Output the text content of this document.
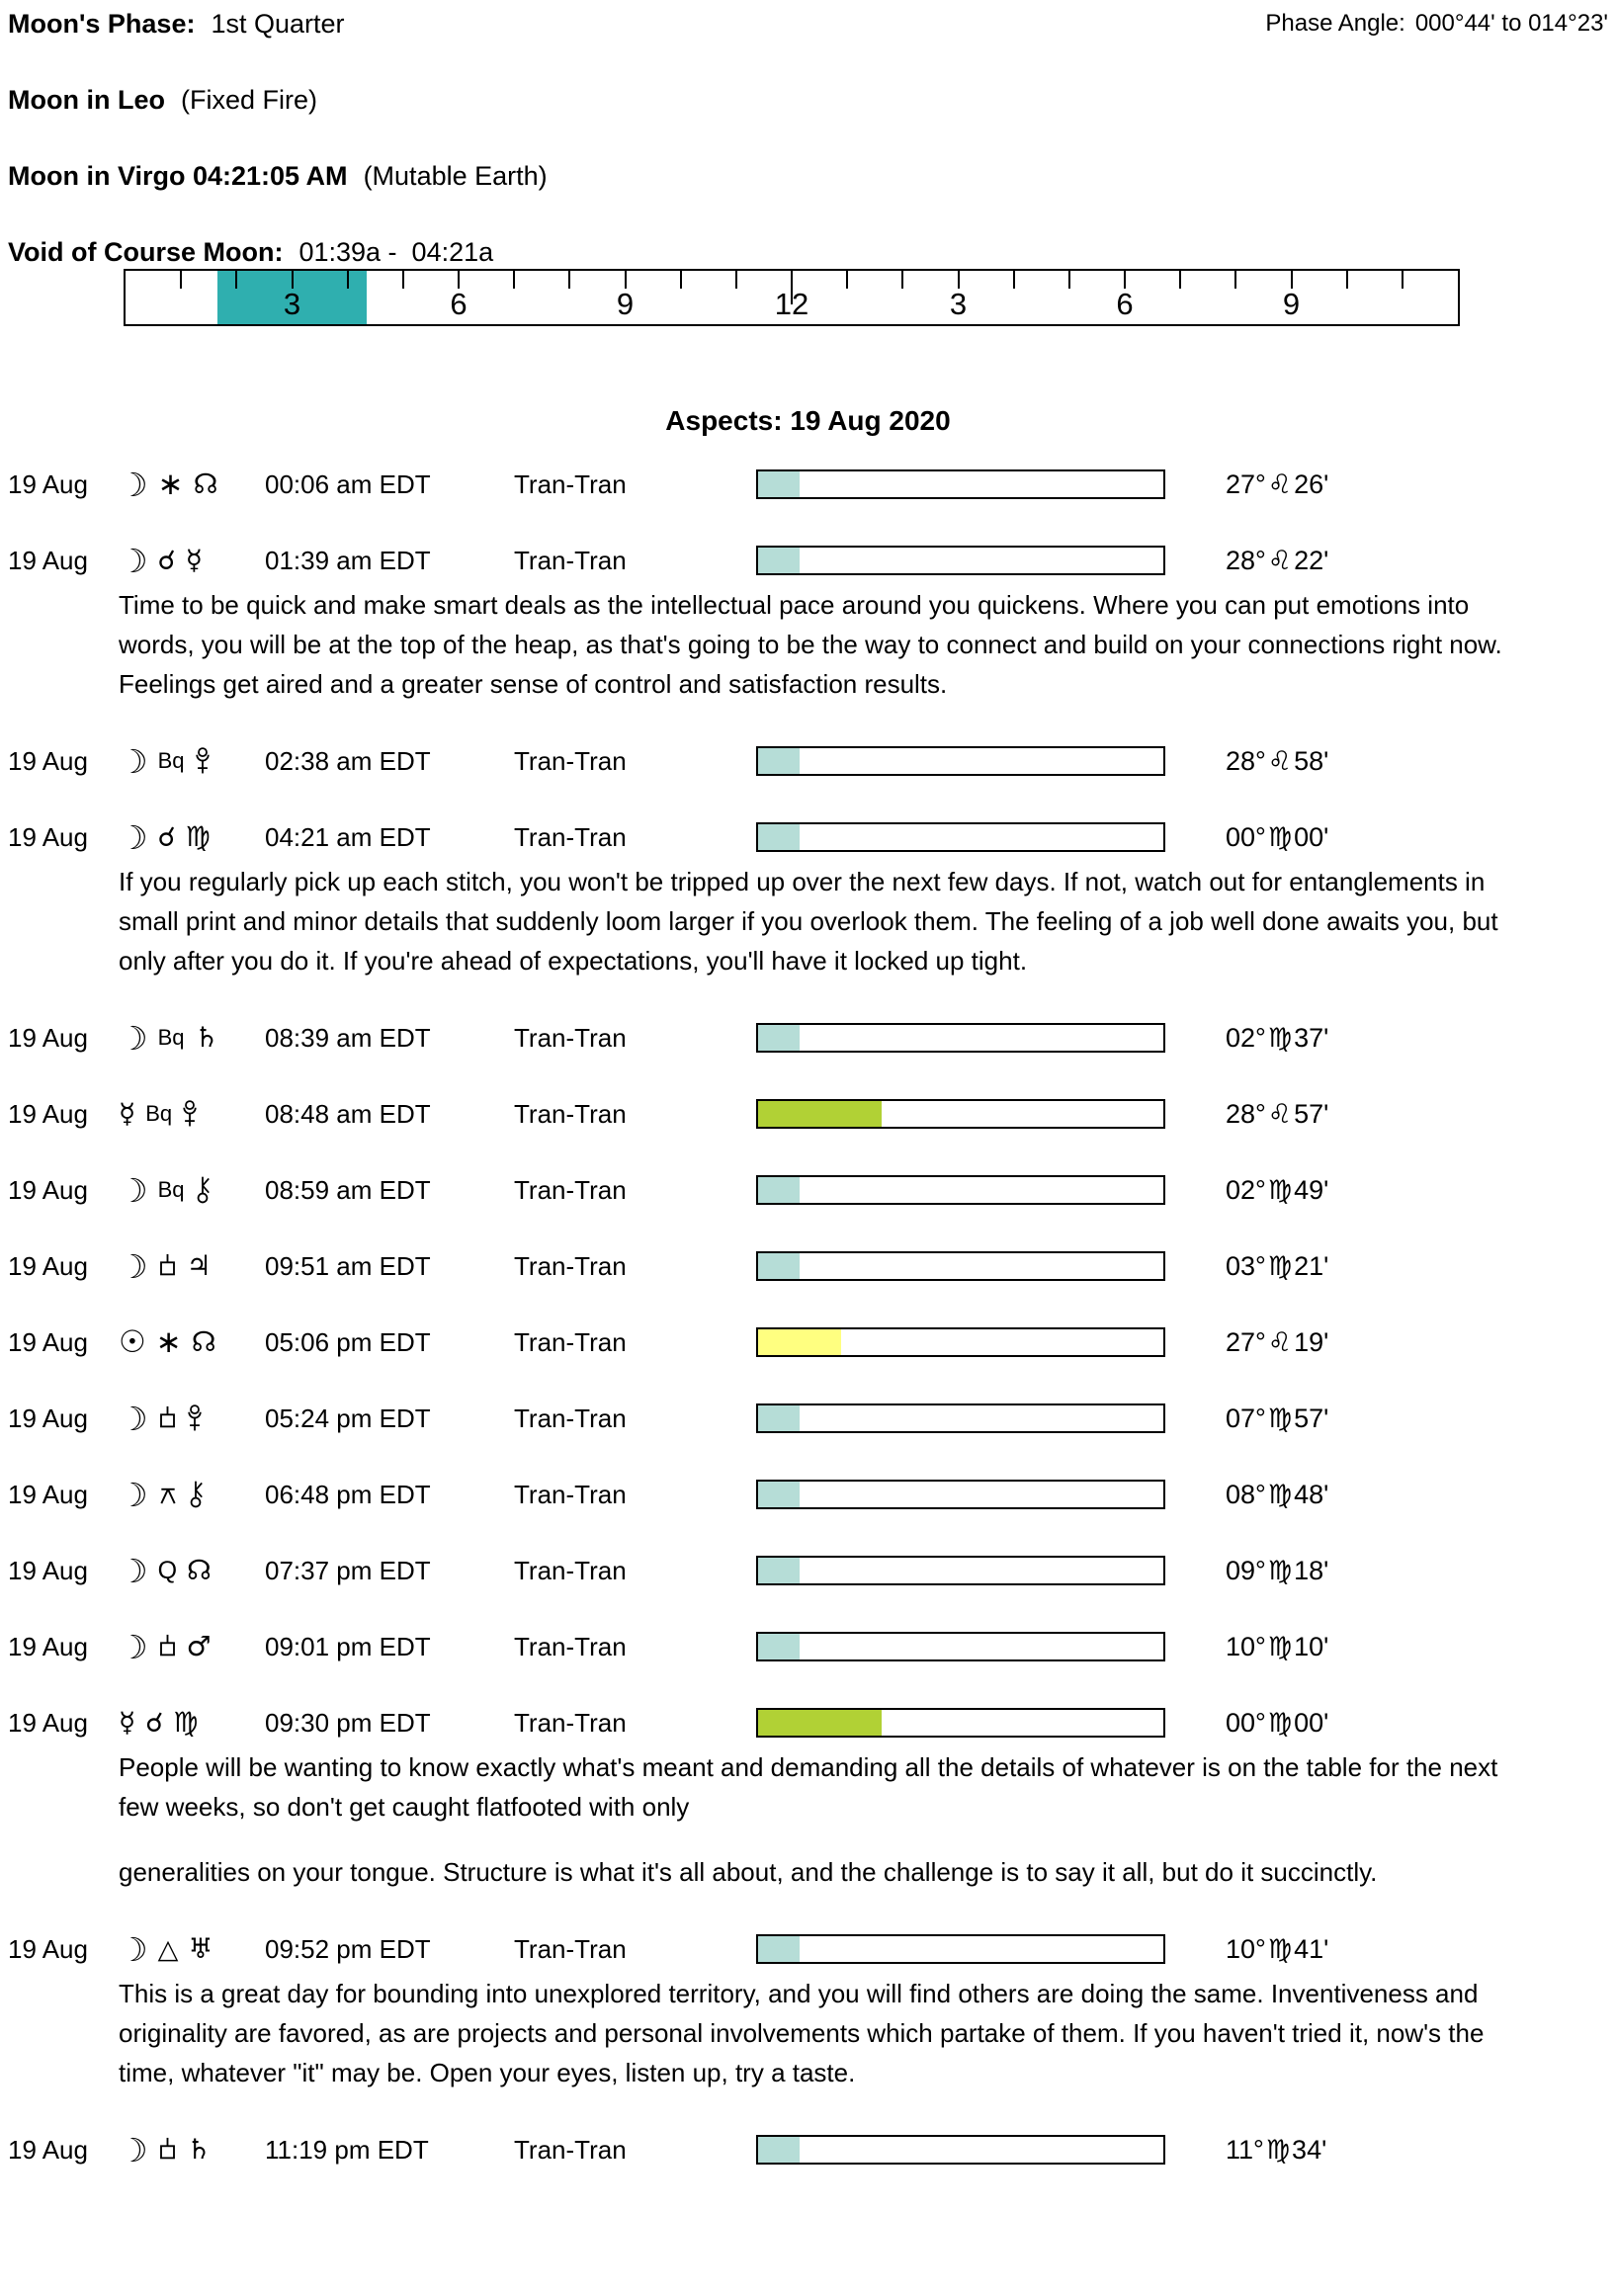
Moon's Phase: 1st Quarter	Phase Angle: 000°44' to 014°23'
Moon in Leo (Fixed Fire)
Moon in Virgo 04:21:05 AM (Mutable Earth)
Void of Course Moon: 01:39a -  04:21a
3	6	9	12	3	6	9
Aspects: 19 Aug 2020
19 Aug ☽ ∗ ☊ 00:06 am EDT	Tran-Tran	27° ♌ 26'
19 Aug ☽ ☌ ☿ 01:39 am EDT	Tran-Tran	28° ♌ 22'

Time to be quick and make smart deals as the intellectual pace around you quickens. Where you can put emotions into words, you will be at the top of the heap, as that's going to be the way to connect and build on your connections right now. Feelings get aired and a greater sense of control and satisfaction results.

19 Aug ☽ Bq	02:38 am EDT	Tran-Tran	28° ♌ 58'
19 Aug ☽ ☌ ♍ 04:21 am EDT	Tran-Tran	00° ♍ 00'

If you regularly pick up each stitch, you won't be tripped up over the next few days. If not, watch out for entanglements in small print and minor details that suddenly loom larger if you overlook them. The feeling of a job well done awaits you, but only after you do it. If you're ahead of expectations, you'll have it locked up tight.

19 Aug ☽ Bq ♄ 08:39 am EDT	Tran-Tran	02° ♍ 37'
19 Aug	☿ Bq	08:48 am EDT	Tran-Tran	28° ♌ 57'
19 Aug ☽ Bq	08:59 am EDT	Tran-Tran	02° ♍ 49'
19 Aug ☽ ♃ 09:51 am EDT	Tran-Tran	03° ♍ 21'
19 Aug	☉ ∗ ☊ 05:06 pm EDT	Tran-Tran	27° ♌ 19'
19 Aug ☽	05:24 pm EDT	Tran-Tran	07° ♍ 57'
19 Aug ☽	06:48 pm EDT	Tran-Tran	08° ♍ 48'
19 Aug ☽ Q ☊ 07:37 pm EDT	Tran-Tran	09° ♍ 18'
19 Aug ☽ ♂ 09:01 pm EDT	Tran-Tran	10° ♍ 10'
19 Aug	☿ ☌ ♍	09:30 pm EDT	Tran-Tran	00° ♍ 00'

People will be wanting to know exactly what's meant and demanding all the details of whatever is on the table for the next few weeks, so don't get caught flatfooted with only

generalities on your tongue. Structure is what it's all about, and the challenge is to say it all, but do it succinctly.

19 Aug ☽ △ ♅ 09:52 pm EDT	Tran-Tran	10° ♍ 41'

This is a great day for bounding into unexplored territory, and you will find others are doing the same. Inventiveness and originality are favored, as are projects and personal involvements which partake of them. If you haven't tried it, now's the time, whatever "it" may be. Open your eyes, listen up, try a taste.

19 Aug ☽ ♄ 11:19 pm EDT	Tran-Tran	11° ♍ 34'
